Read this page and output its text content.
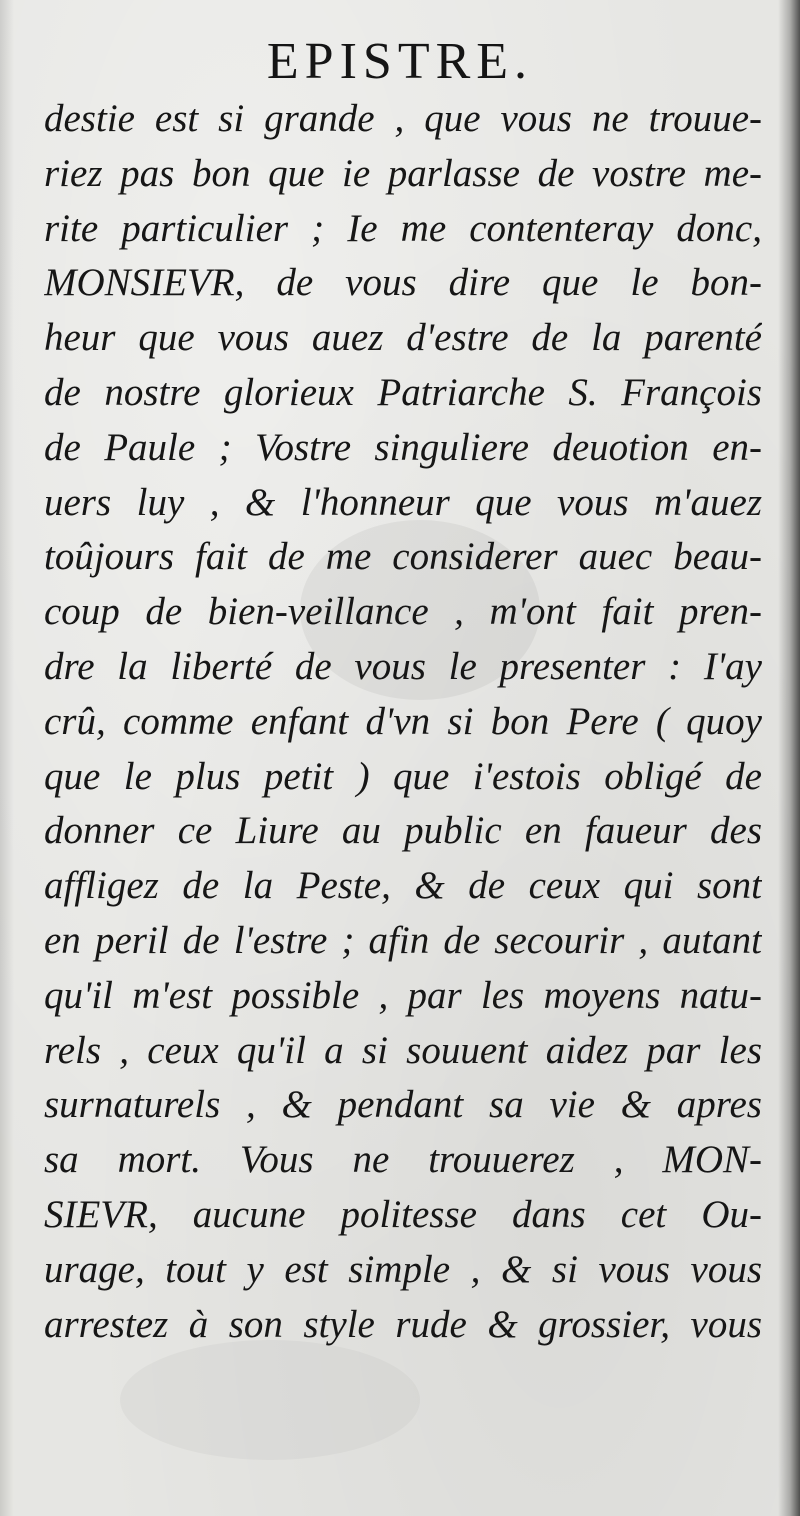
EPISTRE.
destie est si grande , que vous ne trouue-
riez pas bon que ie parlasse de vostre me-
rite particulier ; Ie me contenteray donc,
MONSIEVR, de vous dire que le bon-
heur que vous auez d'estre de la parenté
de nostre glorieux Patriarche S. François
de Paule ; Vostre singuliere deuotion en-
uers luy , & l'honneur que vous m'auez
toûjours fait de me considerer auec beau-
coup de bien-veillance , m'ont fait pren-
dre la liberté de vous le presenter : I'ay
crû, comme enfant d'vn si bon Pere ( quoy
que le plus petit ) que i'estois obligé de
donner ce Liure au public en faueur des
affligez de la Peste, & de ceux qui sont
en peril de l'estre ; afin de secourir , autant
qu'il m'est possible , par les moyens natu-
rels , ceux qu'il a si souuent aidez par les
surnaturels , & pendant sa vie & apres
sa mort. Vous ne trouuerez , MON-
SIEVR, aucune politesse dans cet Ou-
urage, tout y est simple , & si vous vous
arrestez à son style rude & grossier, vous
